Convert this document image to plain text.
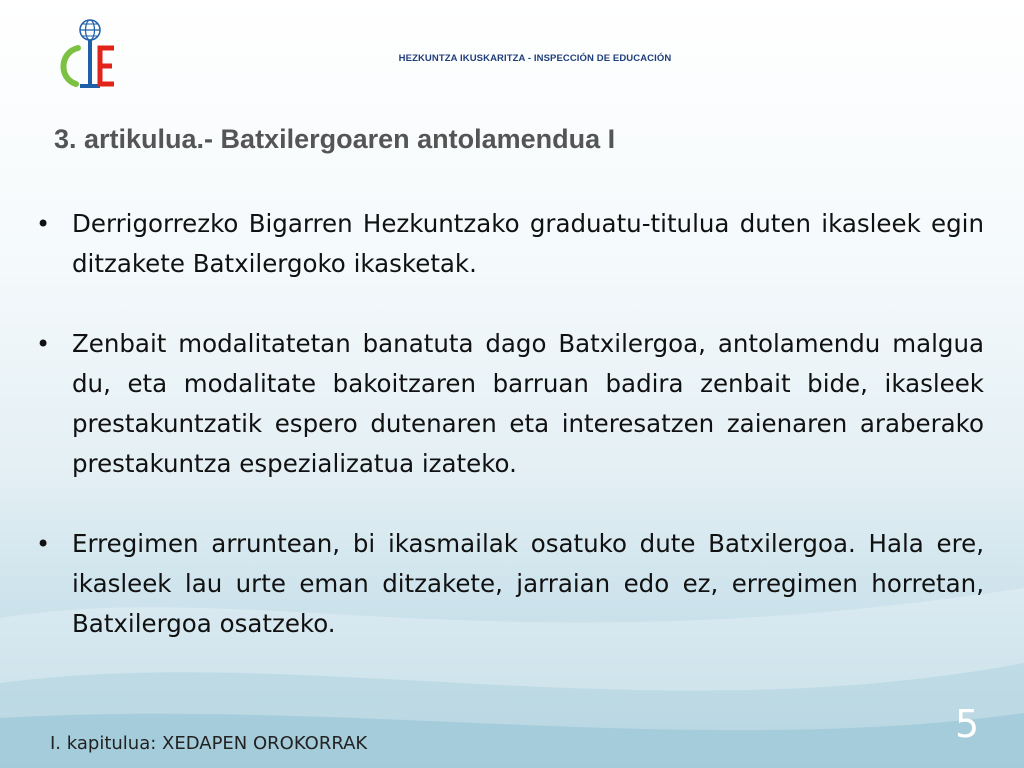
HEZKUNTZA IKUSKARITZA - INSPECCIÓN DE EDUCACIÓN
3. artikulua.- Batxilergoaren antolamendua I
• Derrigorrezko Bigarren Hezkuntzako graduatu-titulua duten ikasleek egin ditzakete Batxilergoko ikasketak.
• Zenbait modalitatetan banatuta dago Batxilergoa, antolamendu malgua du, eta modalitate bakoitzaren barruan badira zenbait bide, ikasleek prestakuntzatik espero dutenaren eta interesatzen zaienaren araberako prestakuntza espezializatua izateko.
• Erregimen arruntean, bi ikasmailak osatuko dute Batxilergoa. Hala ere, ikasleek lau urte eman ditzakete, jarraian edo ez, erregimen horretan, Batxilergoa osatzeko.
I. kapitulua: XEDAPEN OROKORRAK	5
